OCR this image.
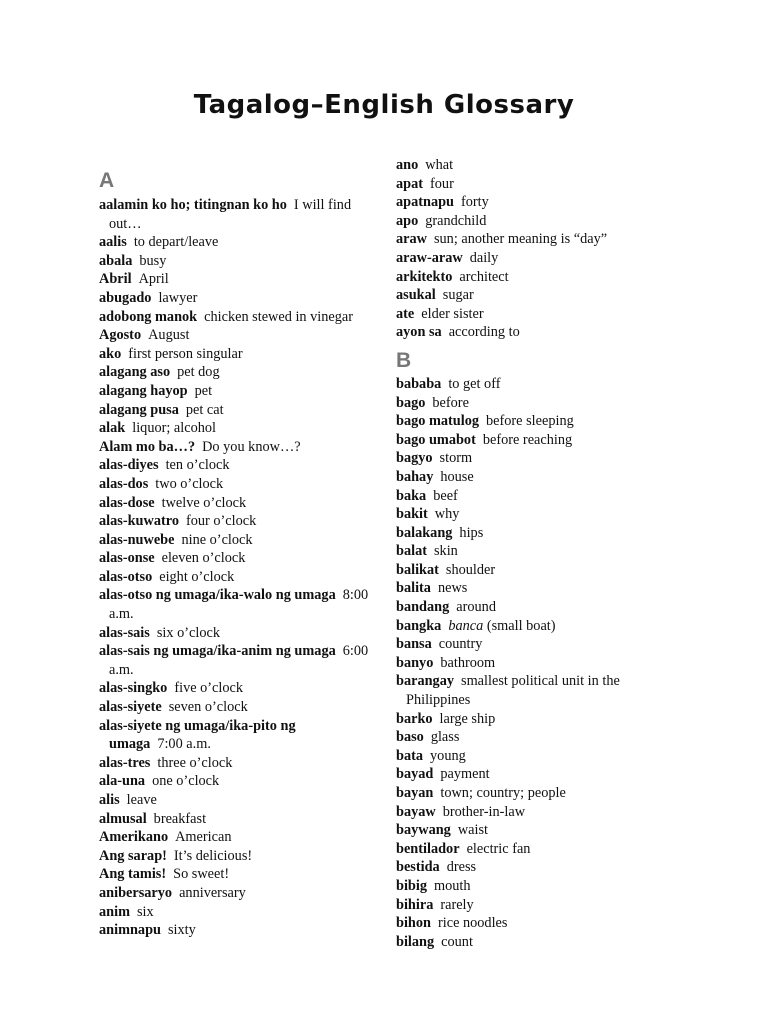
Tagalog–English Glossary
A
aalamin ko ho; titingnan ko ho I will find out…
aalis to depart/leave
abala busy
Abril April
abugado lawyer
adobong manok chicken stewed in vinegar
Agosto August
ako first person singular
alagang aso pet dog
alagang hayop pet
alagang pusa pet cat
alak liquor; alcohol
Alam mo ba…? Do you know…?
alas-diyes ten o’clock
alas-dos two o’clock
alas-dose twelve o’clock
alas-kuwatro four o’clock
alas-nuwebe nine o’clock
alas-onse eleven o’clock
alas-otso eight o’clock
alas-otso ng umaga/ika-walo ng umaga 8:00 a.m.
alas-sais six o’clock
alas-sais ng umaga/ika-anim ng umaga 6:00 a.m.
alas-singko five o’clock
alas-siyete seven o’clock
alas-siyete ng umaga/ika-pito ng umaga 7:00 a.m.
alas-tres three o’clock
ala-una one o’clock
alis leave
almusal breakfast
Amerikano American
Ang sarap! It’s delicious!
Ang tamis! So sweet!
anibersaryo anniversary
anim six
animnapu sixty
ano what
apat four
apatnapu forty
apo grandchild
araw sun; another meaning is “day”
araw-araw daily
arkitekto architect
asukal sugar
ate elder sister
ayon sa according to
B
bababa to get off
bago before
bago matulog before sleeping
bago umabot before reaching
bagyo storm
bahay house
baka beef
bakit why
balakang hips
balat skin
balikat shoulder
balita news
bandang around
bangka banca (small boat)
bansa country
banyo bathroom
barangay smallest political unit in the Philippines
barko large ship
baso glass
bata young
bayad payment
bayan town; country; people
bayaw brother-in-law
baywang waist
bentilador electric fan
bestida dress
bibig mouth
bihira rarely
bihon rice noodles
bilang count
